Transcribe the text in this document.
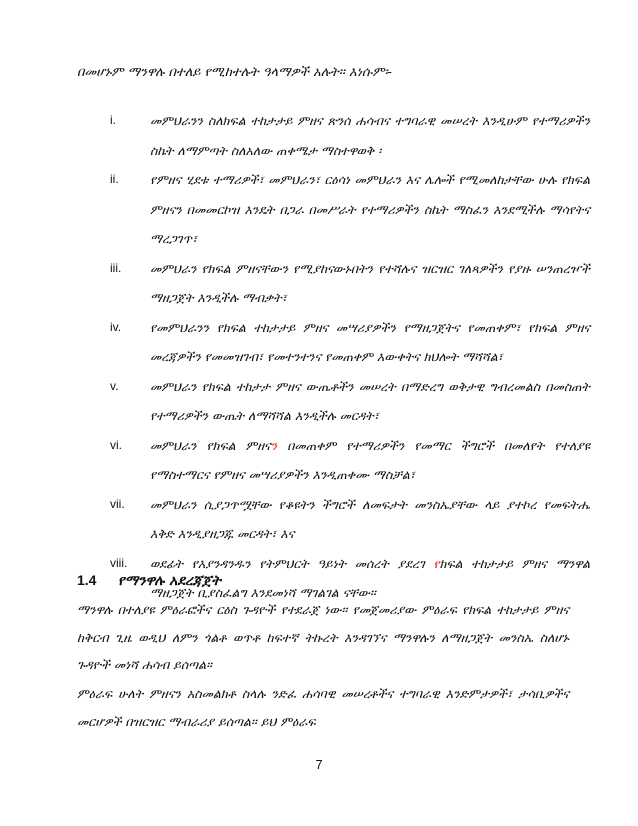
በመሆኑም ማንዋሉ በተለይ የሚከተሉት ዓላማዎች አሉት፡፡ እነሱም፡-
i.	መምህራንን ስለክፍል ተከታታይ ምዘና ጽንሰ ሐሳብና ተግባራዊ መሠረት እንዲሁም የተማሪዎችን ስኬት ለማምጣት ስለአለው ጠቀሜታ ማስተዋወቅ ፡
ii.	የምዘና ሂደቱ ተማሪዎች፣ መምህራን፣ ርዕሳነ መምህራን እና ሌሎች የሚመለከታቸው ሁሉ የክፍል ምዘናን በመመርኮዝ እንዴት በጋራ በመሥራት የተማሪዎችን ስኬት ማስፈን እንደሚችሉ ማሳየትና ማረጋገጥ፣
iii.	መምህራን የክፍል ምዘናቸውን የሚያከናውኑበትን የተሻሉና ዝርዝር ገለጻዎችን የያዙ ሠንጠረዦች ማዘጋጀት እንዲችሉ ማብቃት፣
iv.	የመምህራንን የክፍል ተከታታይ ምዘና መሣሪያዎችን የማዘጋጀትና የመጠቀም፣ የክፍል ምዘና መረጃዎችን የመመዝገብ፣ የመተንተንና የመጠቀም እውቀትና ክህሎት ማሻሻል፣
v.	መምህራን የክፍል ተከታታ ምዘና ውጤቶችን መሠረት በማድረግ ወቅታዊ ግብረመልስ በመስጠት የተማሪዎችን ውጤት ለማሻሻል እንዲችሉ መርዳት፣
vi.	መምህራን የክፍል ምዘናን በመጠቀም የተማሪዎችን የመማር ችግሮች በመለየት የተለያዩ የማስተማርና የምዘና መሣሪያዎችን እንዲጠቀሙ ማስቻል፣
vii.	መምህራን ሲያጋጥሟቸው የቆዩትን ችግሮች ለመፍታት መንስኤያቸው ላይ ያተኮረ የመፍትሔ እቅድ እንዲያዘጋጁ መርዳት፣ እና
viii.	ወደፊት የእያንዳንዱን የትምህርት ዓይነት መሰረት ያደረገ የክፍል ተከታታይ ምዘና ማንዋል ማዘጋጀት ቢያስፈልግ እንደመነሻ ማገልገል ናቸው፡፡
1.4 የማንዋሉ አደረጃጀት
ማንዋሉ በተለያዩ ምዕራፎችና ርዕስ ጉዳዮች የተደራጀ ነው፡፡ የመጀመሪያው ምዕራፍ የክፍል ተከታታይ ምዘና ከቅርብ ጊዜ ወዲህ ለምን ጎልቶ ወጥቶ ከፍተኛ ትኩረት እንዳገኘና ማንዋሉን ለማዘጋጀት መንስኤ ስለሆኑ ጉዳዮች መነሻ ሐሳብ ይሰጣል፡፡
ምዕራፍ ሁለት ምዘናን አስመልክቶ ስላሉ ንድፈ ሐሳባዊ መሠረቶችና ተግባራዊ እንድምታዎች፣ ታሳቢዎችና መርሆዎች በዝርዝር ማብራሪያ ይሰጣል፡፡ ይህ ምዕራፍ
7
